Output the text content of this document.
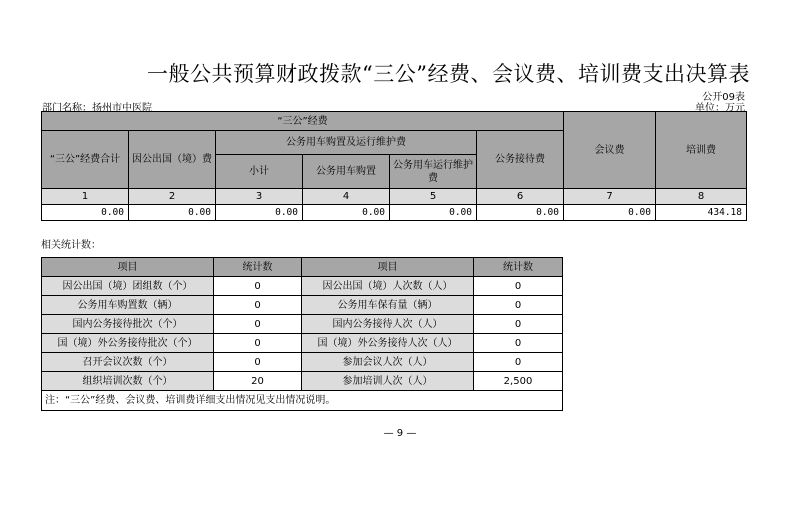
一般公共预算财政拨款“三公”经费、会议费、培训费支出决算表
公开09表
部门名称：扬州市中医院	单位：万元
“三公”经费						会议费	培训费
“三公”经费合计	因公出国（境）费	公务用车购置及运行维护费			公务接待费		
		小计	公务用车购置	公务用车运行维护费			
1	2	3	4	5	6	7	8
0.00	0.00	0.00	0.00	0.00	0.00	0.00	434.18
相关统计数：
项目	统计数	项目	统计数
因公出国（境）团组数（个）	0	因公出国（境）人次数（人）	0
公务用车购置数（辆）	0	公务用车保有量（辆）	0
国内公务接待批次（个）	0	国内公务接待人次（人）	0
国（境）外公务接待批次（个）	0	国（境）外公务接待人次（人）	0
召开会议次数（个）	0	参加会议人次（人）	0
组织培训次数（个）	20	参加培训人次（人）	2,500
注：“三公”经费、会议费、培训费详细支出情况见支出情况说明。			
— 9 —
